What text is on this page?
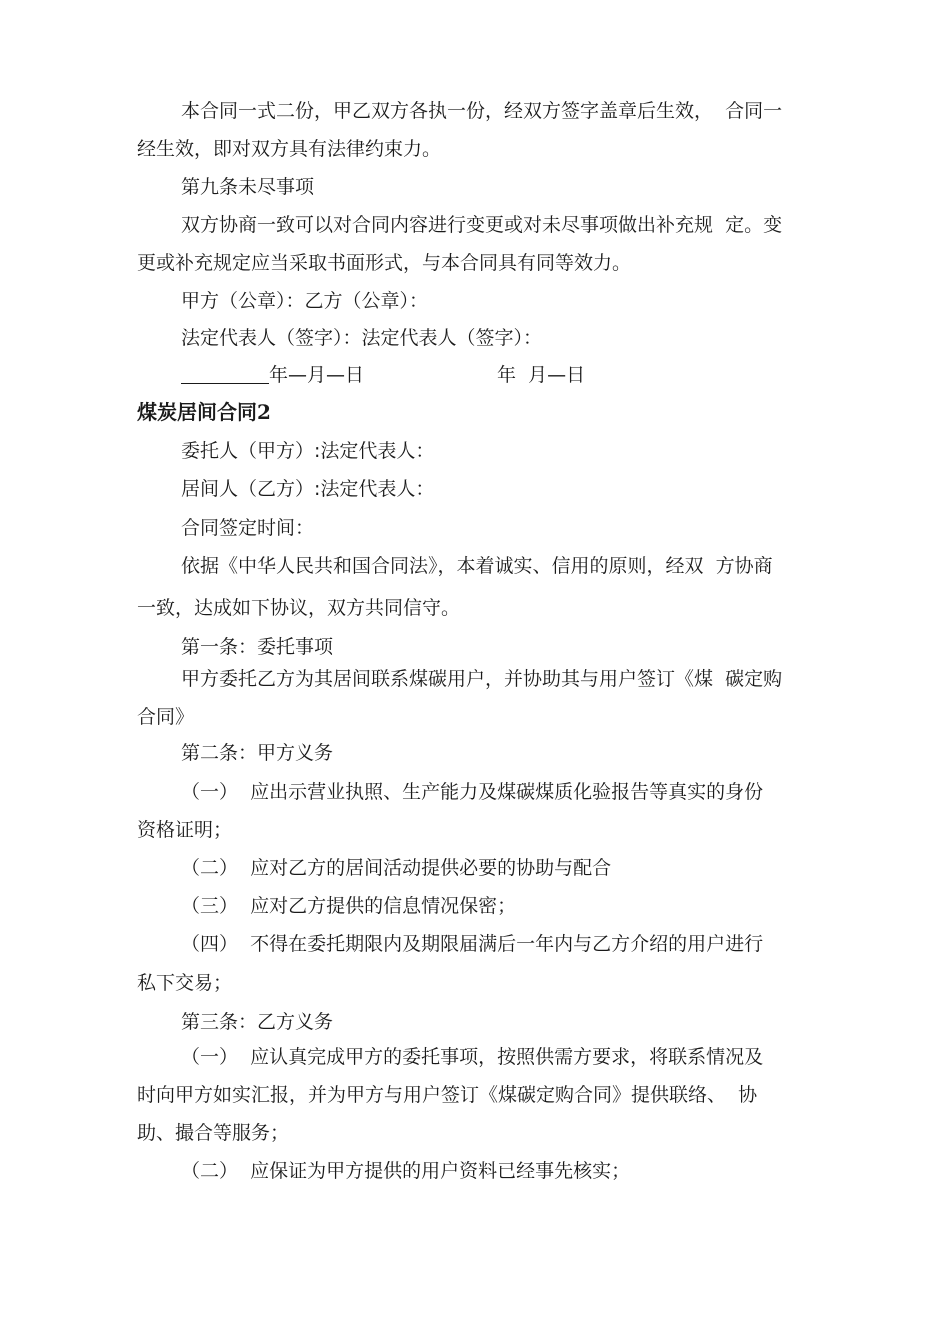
本合同一式二份，甲乙双方各执一份，经双方签字盖章后生效，  合同一

经生效，即对双方具有法律约束力。

第九条未尽事项

双方协商一致可以对合同内容进行变更或对未尽事项做出补充规  定。变

更或补充规定应当采取书面形式，与本合同具有同等效力。

甲方（公章）：乙方（公章）：

法定代表人（签字）：法定代表人（签字）：

年—月—日	年  月—日

煤炭居间合同2

委托人（甲方）:法定代表人：

居间人（乙方）:法定代表人：

合同签定时间：

依据《中华人民共和国合同法》，本着诚实、信用的原则，经双  方协商

一致，达成如下协议，双方共同信守。

第一条：委托事项

甲方委托乙方为其居间联系煤碳用户，并协助其与用户签订《煤  碳定购

合同》

第二条：甲方义务

（一）  应出示营业执照、生产能力及煤碳煤质化验报告等真实的身份

资格证明；

（二）  应对乙方的居间活动提供必要的协助与配合

（三）  应对乙方提供的信息情况保密；

（四）  不得在委托期限内及期限届满后一年内与乙方介绍的用户进行

私下交易；

第三条：乙方义务

（一）  应认真完成甲方的委托事项，按照供需方要求，将联系情况及

时向甲方如实汇报，并为甲方与用户签订《煤碳定购合同》提供联络、  协

助、撮合等服务；

（二）  应保证为甲方提供的用户资料已经事先核实；
